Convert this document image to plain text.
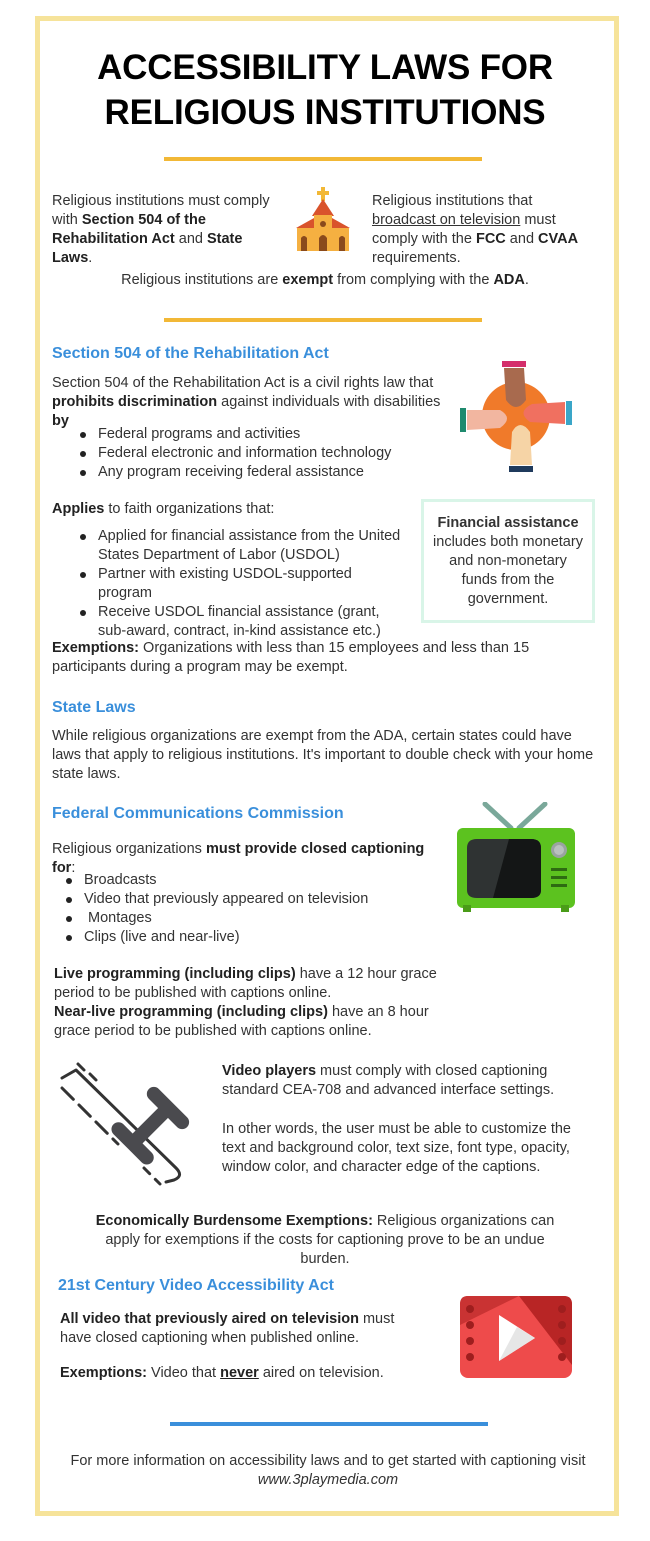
ACCESSIBILITY LAWS FOR
RELIGIOUS INSTITUTIONS
Religious institutions must comply with Section 504 of the Rehabilitation Act and State Laws.
Religious institutions that broadcast on television must comply with the FCC and CVAA requirements.
Religious institutions are exempt from complying with the ADA.
Section 504 of the Rehabilitation Act
Section 504 of the Rehabilitation Act is a civil rights law that prohibits discrimination against individuals with disabilities by
Federal programs and activities
Federal electronic and information technology
Any program receiving federal assistance
Applies to faith organizations that:
Applied for financial assistance from the United States Department of Labor (USDOL)
Partner with existing USDOL-supported program
Receive USDOL financial assistance (grant, sub-award, contract, in-kind assistance etc.)
Financial assistance
includes both monetary and non-monetary funds from the government.
Exemptions: Organizations with less than 15 employees and less than 15 participants during a program may be exempt.
State Laws
While religious organizations are exempt from the ADA, certain states could have laws that apply to religious institutions. It's important to double check with your home state laws.
Federal Communications Commission
Religious organizations must provide closed captioning for:
Broadcasts
Video that previously appeared on television
Montages
Clips (live and near-live)
Live programming (including clips) have a 12 hour grace period to be published with captions online.
Near-live programming (including clips) have an 8 hour grace period to be published with captions online.
Video players must comply with closed captioning standard CEA-708 and advanced interface settings.
In other words, the user must be able to customize the text and background color, text size, font type, opacity, window color, and character edge of the captions.
Economically Burdensome Exemptions: Religious organizations can apply for exemptions if the costs for captioning prove to be an undue burden.
21st Century Video Accessibility Act
All video that previously aired on television must have closed captioning when published online.
Exemptions: Video that never aired on television.
For more information on accessibility laws and to get started with captioning visit
www.3playmedia.com
